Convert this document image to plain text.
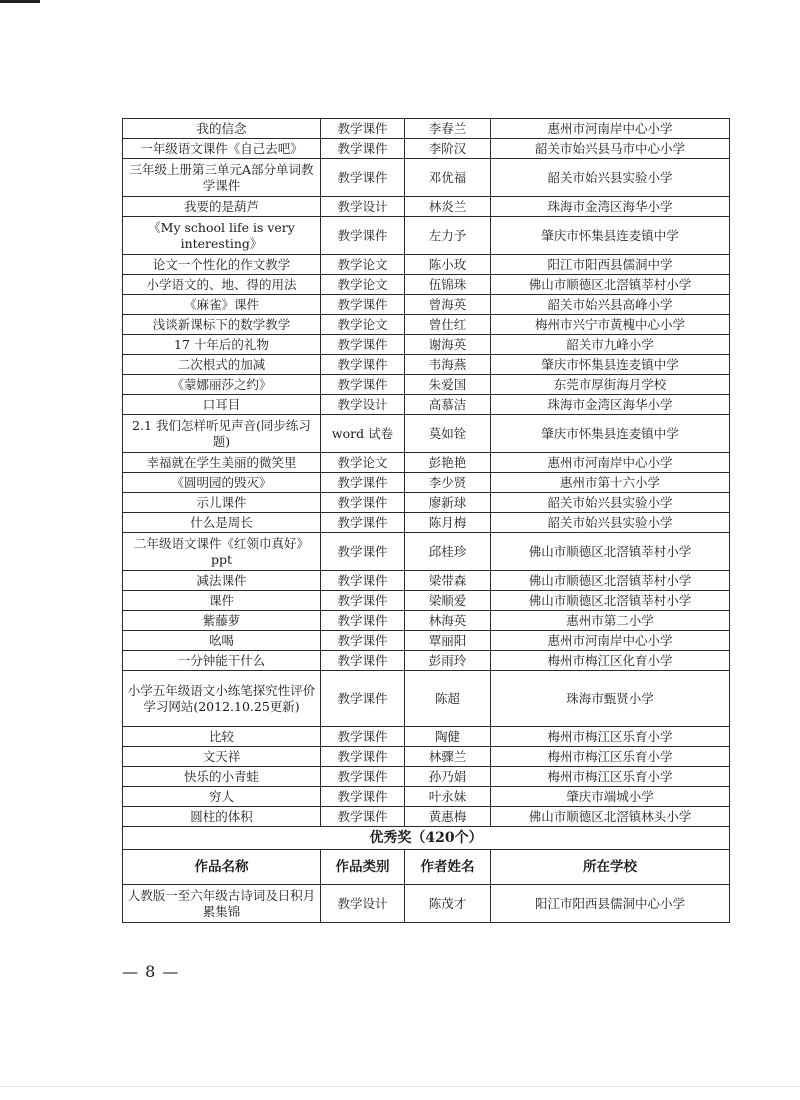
我的信念	教学课件	李春兰	惠州市河南岸中心小学
一年级语文课件《自己去吧》	教学课件	李阶汉	韶关市始兴县马市中心小学
三年级上册第三单元A部分单词教学课件	教学课件	邓优福	韶关市始兴县实验小学
我要的是葫芦	教学设计	林炎兰	珠海市金湾区海华小学
《My school life is very interesting》	教学课件	左力予	肇庆市怀集县连麦镇中学
论文一个性化的作文教学	教学论文	陈小玫	阳江市阳西县儒洞中学
小学语文的、地、得的用法	教学论文	伍锦珠	佛山市顺德区北滘镇莘村小学
《麻雀》课件	教学课件	曾海英	韶关市始兴县高峰小学
浅谈新课标下的数学教学	教学论文	曾仕红	梅州市兴宁市黄槐中心小学
17 十年后的礼物	教学课件	谢海英	韶关市九峰小学
二次根式的加减	教学课件	韦海燕	肇庆市怀集县连麦镇中学
《蒙娜丽莎之约》	教学课件	朱爱国	东莞市厚街海月学校
口耳目	教学设计	高慕洁	珠海市金湾区海华小学
2.1 我们怎样听见声音(同步练习题)	word 试卷	莫如铨	肇庆市怀集县连麦镇中学
幸福就在学生美丽的微笑里	教学论文	彭艳艳	惠州市河南岸中心小学
《圆明园的毁灭》	教学课件	李少贤	惠州市第十六小学
示儿课件	教学课件	廖新球	韶关市始兴县实验小学
什么是周长	教学课件	陈月梅	韶关市始兴县实验小学
二年级语文课件《红领巾真好》ppt	教学课件	邱桂珍	佛山市顺德区北滘镇莘村小学
减法课件	教学课件	梁带森	佛山市顺德区北滘镇莘村小学
课件	教学课件	梁顺爱	佛山市顺德区北滘镇莘村小学
紫藤萝	教学课件	林海英	惠州市第二小学
吆喝	教学课件	覃丽阳	惠州市河南岸中心小学
一分钟能干什么	教学课件	彭雨玲	梅州市梅江区化育小学
小学五年级语文小练笔探究性评价学习网站(2012.10.25更新)	教学课件	陈超	珠海市甄贤小学
比较	教学课件	陶健	梅州市梅江区乐育小学
文天祥	教学课件	林骤兰	梅州市梅江区乐育小学
快乐的小青蛙	教学课件	孙乃娟	梅州市梅江区乐育小学
穷人	教学课件	叶永妹	肇庆市端城小学
圆柱的体积	教学课件	黄惠梅	佛山市顺德区北滘镇林头小学
优秀奖（420个）			
作品名称	作品类别	作者姓名	所在学校
人教版一至六年级古诗词及日积月累集锦	教学设计	陈茂才	阳江市阳西县儒洞中心小学
— 8 —
